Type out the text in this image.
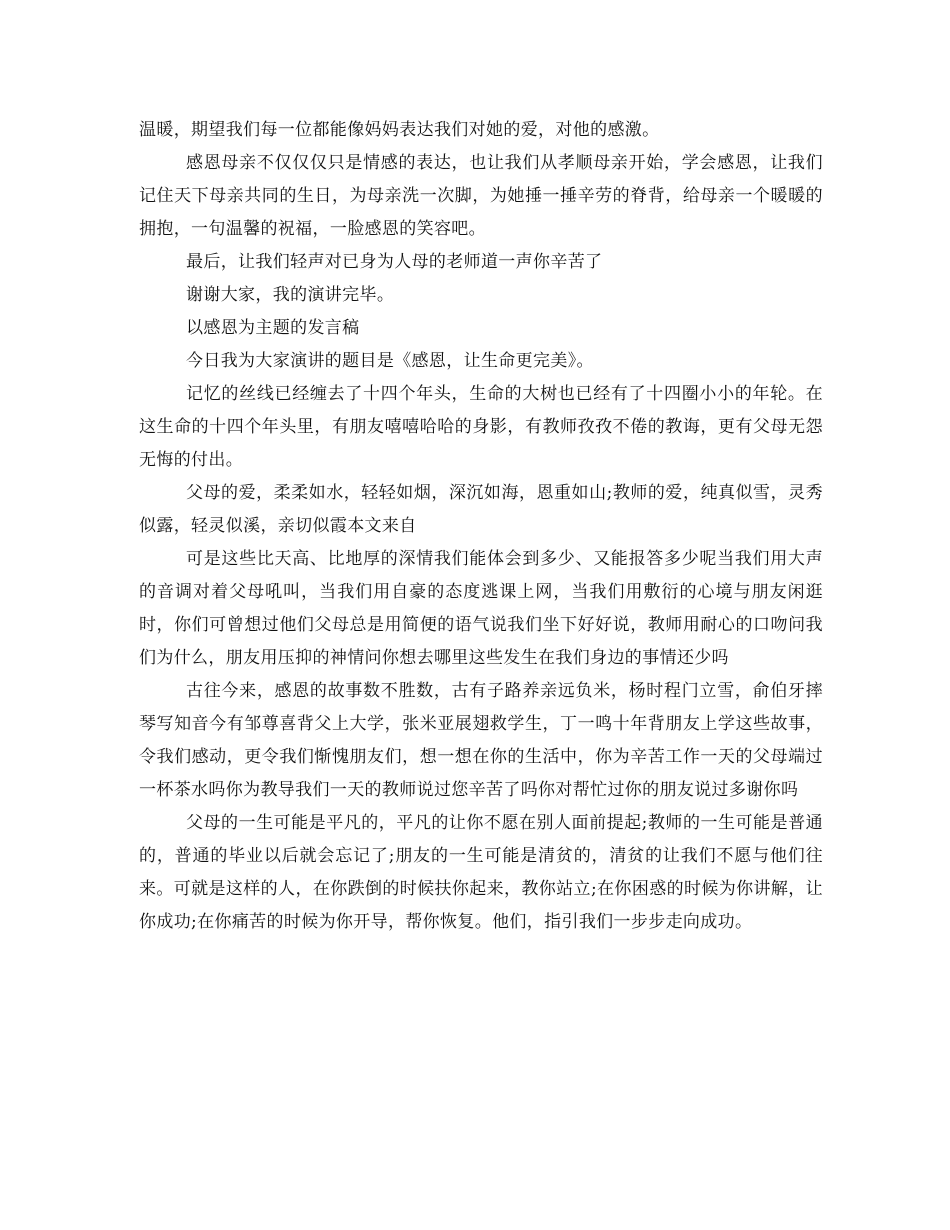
温暖，期望我们每一位都能像妈妈表达我们对她的爱，对他的感激。

感恩母亲不仅仅仅只是情感的表达，也让我们从孝顺母亲开始，学会感恩，让我们记住天下母亲共同的生日，为母亲洗一次脚，为她捶一捶辛劳的脊背，给母亲一个暖暖的拥抱，一句温馨的祝福，一脸感恩的笑容吧。

最后，让我们轻声对已身为人母的老师道一声你辛苦了

谢谢大家，我的演讲完毕。

以感恩为主题的发言稿

今日我为大家演讲的题目是《感恩，让生命更完美》。

记忆的丝线已经缠去了十四个年头，生命的大树也已经有了十四圈小小的年轮。在这生命的十四个年头里，有朋友嘻嘻哈哈的身影，有教师孜孜不倦的教诲，更有父母无怨无悔的付出。

父母的爱，柔柔如水，轻轻如烟，深沉如海，恩重如山;教师的爱，纯真似雪，灵秀似露，轻灵似溪，亲切似霞本文来自

可是这些比天高、比地厚的深情我们能体会到多少、又能报答多少呢当我们用大声的音调对着父母吼叫，当我们用自豪的态度逃课上网，当我们用敷衍的心境与朋友闲逛时，你们可曾想过他们父母总是用简便的语气说我们坐下好好说，教师用耐心的口吻问我们为什么，朋友用压抑的神情问你想去哪里这些发生在我们身边的事情还少吗

古往今来，感恩的故事数不胜数，古有子路养亲远负米，杨时程门立雪，俞伯牙摔琴写知音今有邹尊喜背父上大学，张米亚展翅救学生，丁一鸣十年背朋友上学这些故事，令我们感动，更令我们惭愧朋友们，想一想在你的生活中，你为辛苦工作一天的父母端过一杯茶水吗你为教导我们一天的教师说过您辛苦了吗你对帮忙过你的朋友说过多谢你吗

父母的一生可能是平凡的，平凡的让你不愿在别人面前提起;教师的一生可能是普通的，普通的毕业以后就会忘记了;朋友的一生可能是清贫的，清贫的让我们不愿与他们往来。可就是这样的人，在你跌倒的时候扶你起来，教你站立;在你困惑的时候为你讲解，让你成功;在你痛苦的时候为你开导，帮你恢复。他们，指引我们一步步走向成功。
